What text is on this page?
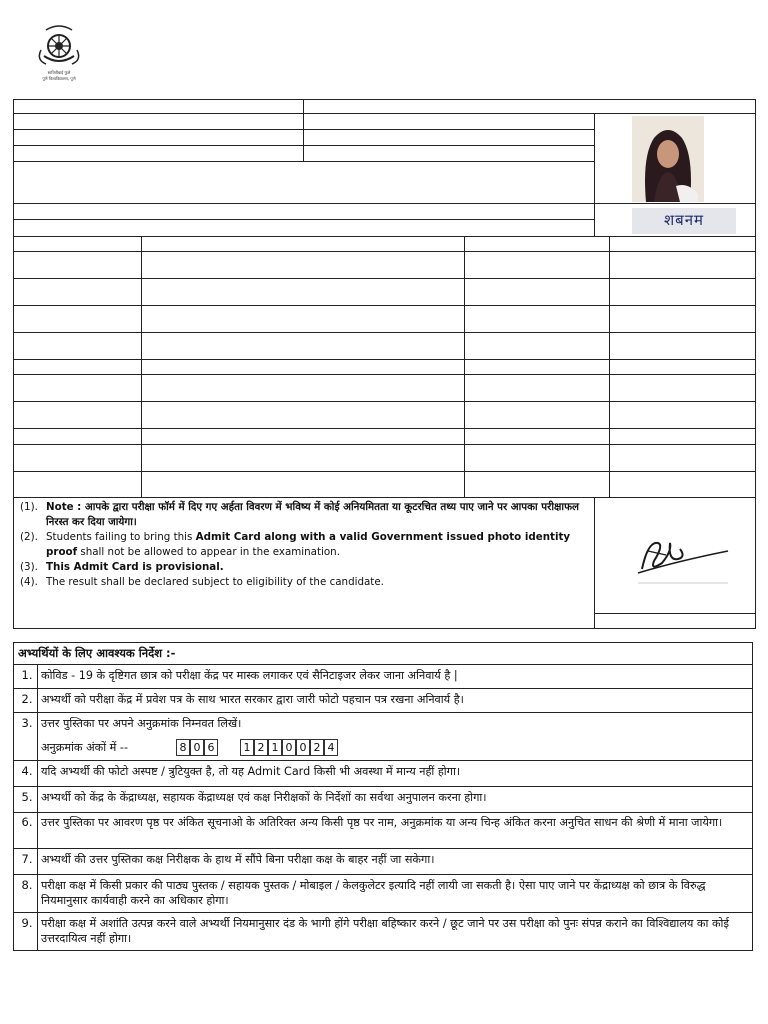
सावित्रीबाई फुले
पुणे विश्वविद्यालय, पुणे
शबनम
(1). Note : आपके द्वारा परीक्षा फॉर्म में दिए गए अर्हता विवरण में भविष्य में कोई अनियमितता या कूटरचित तथ्य पाए जाने पर आपका परीक्षाफल निरस्त कर दिया जायेगा।
(2). Students failing to bring this Admit Card along with a valid Government issued photo identity proof shall not be allowed to appear in the examination.
(3). This Admit Card is provisional.
(4). The result shall be declared subject to eligibility of the candidate.
अभ्यर्थियों के लिए आवश्यक निर्देश :-
1. कोविड - 19 के दृष्टिगत छात्र को परीक्षा केंद्र पर मास्क लगाकर एवं सैनिटाइजर लेकर जाना अनिवार्य है |
2. अभ्यर्थी को परीक्षा केंद्र में प्रवेश पत्र के साथ भारत सरकार द्वारा जारी फोटो पहचान पत्र रखना अनिवार्य है।
3. उत्तर पुस्तिका पर अपने अनुक्रमांक निम्नवत लिखें।
अनुक्रमांक अंकों में --
4. यदि अभ्यर्थी की फोटो अस्पष्ट / त्रुटियुक्त है, तो यह Admit Card किसी भी अवस्था में मान्य नहीं होगा।
5. अभ्यर्थी को केंद्र के केंद्राध्यक्ष, सहायक केंद्राध्यक्ष एवं कक्ष निरीक्षकों के निर्देशों का सर्वथा अनुपालन करना होगा।
6. उत्तर पुस्तिका पर आवरण पृष्ठ पर अंकित सूचनाओ के अतिरिक्त अन्य किसी पृष्ठ पर नाम, अनुक्रमांक या अन्य चिन्ह अंकित करना अनुचित साधन की श्रेणी में माना जायेगा।
7. अभ्यर्थी की उत्तर पुस्तिका कक्ष निरीक्षक के हाथ में सौंपे बिना परीक्षा कक्ष के बाहर नहीं जा सकेगा।
8. परीक्षा कक्ष में किसी प्रकार की पाठ्य पुस्तक / सहायक पुस्तक / मोबाइल / केलकुलेटर इत्यादि नहीं लायी जा सकती है। ऐसा पाए जाने पर केंद्राध्यक्ष को छात्र के विरुद्ध नियमानुसार कार्यवाही करने का अधिकार होगा।
9. परीक्षा कक्ष में अशांति उत्पन्न करने वाले अभ्यर्थी नियमानुसार दंड के भागी होंगे परीक्षा बहिष्कार करने / छूट जाने पर उस परीक्षा को पुनः संपन्न कराने का विश्विद्यालय का कोई उत्तरदायित्व नहीं होगा।
8 0 6	1 2 1 0 0 2 4
